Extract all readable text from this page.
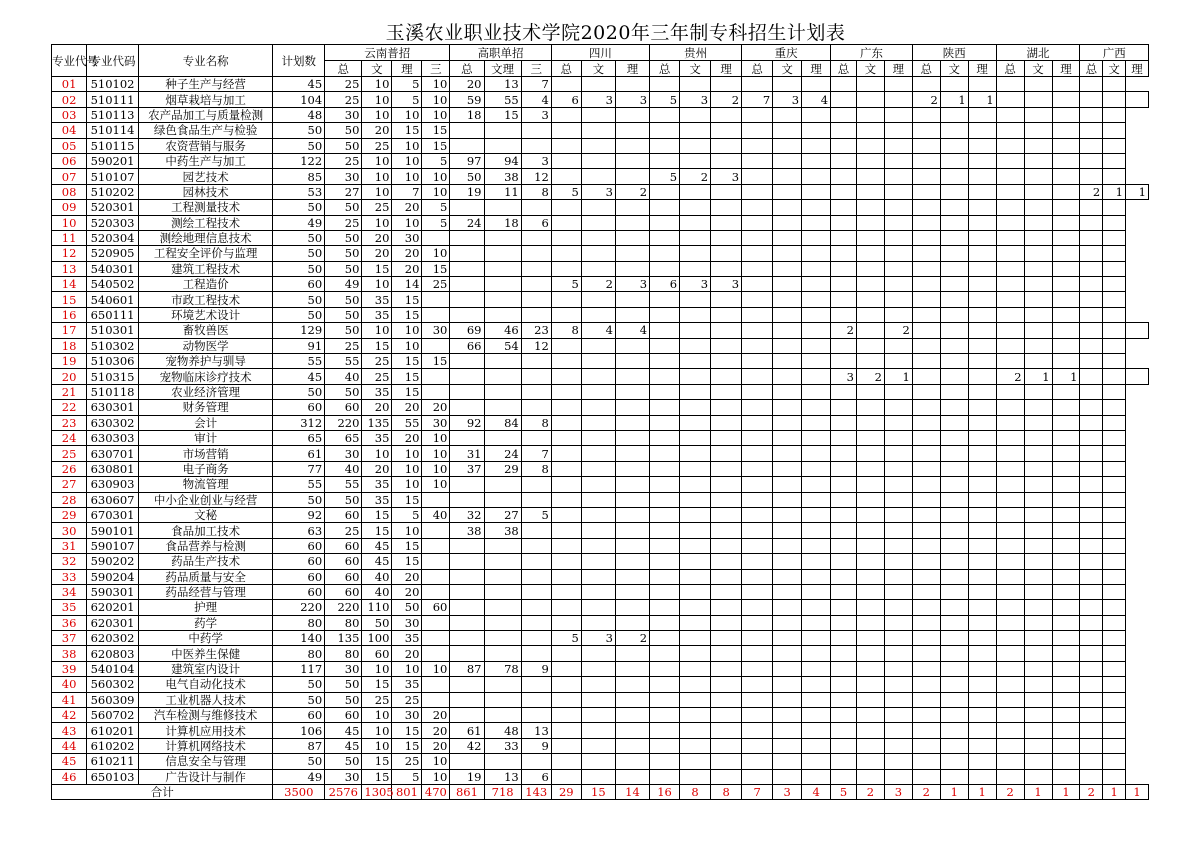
玉溪农业职业技术学院2020年三年制专科招生计划表
专业代号	专业代码	专业名称	计划数	云南普招				高职单招			四川			贵州			重庆			广东			陕西			湖北			广西		
				总	文	理	三	总	文理	三	总	文	理	总	文	理	总	文	理	总	文	理	总	文	理	总	文	理	总	文	理
01	510102	种子生产与经营	45	25	10	5	10	20	13	7																					
02	510111	烟草栽培与加工	104	25	10	5	10	59	55	4	6	3	3	5	3	2	7	3	4				2	1	1						
03	510113	农产品加工与质量检测	48	30	10	10	10	18	15	3																					
04	510114	绿色食品生产与检验	50	50	20	15	15																								
05	510115	农资营销与服务	50	50	25	10	15																								
06	590201	中药生产与加工	122	25	10	10	5	97	94	3																					
07	510107	园艺技术	85	30	10	10	10	50	38	12				5	2	3															
08	510202	园林技术	53	27	10	7	10	19	11	8	5	3	2																2	1	1
09	520301	工程测量技术	50	50	25	20	5																								
10	520303	测绘工程技术	49	25	10	10	5	24	18	6																					
11	520304	测绘地理信息技术	50	50	20	30																									
12	520905	工程安全评价与监理	50	50	20	20	10																								
13	540301	建筑工程技术	50	50	15	20	15																								
14	540502	工程造价	60	49	10	14	25				5	2	3	6	3	3															
15	540601	市政工程技术	50	50	35	15																									
16	650111	环境艺术设计	50	50	35	15																									
17	510301	畜牧兽医	129	50	10	10	30	69	46	23	8	4	4							2		2									
18	510302	动物医学	91	25	15	10		66	54	12																					
19	510306	宠物养护与驯导	55	55	25	15	15																								
20	510315	宠物临床诊疗技术	45	40	25	15														3	2	1				2	1	1			
21	510118	农业经济管理	50	50	35	15																									
22	630301	财务管理	60	60	20	20	20																								
23	630302	会计	312	220	135	55	30	92	84	8																					
24	630303	审计	65	65	35	20	10																								
25	630701	市场营销	61	30	10	10	10	31	24	7																					
26	630801	电子商务	77	40	20	10	10	37	29	8																					
27	630903	物流管理	55	55	35	10	10																								
28	630607	中小企业创业与经营	50	50	35	15																									
29	670301	文秘	92	60	15	5	40	32	27	5																					
30	590101	食品加工技术	63	25	15	10		38	38																						
31	590107	食品营养与检测	60	60	45	15																									
32	590202	药品生产技术	60	60	45	15																									
33	590204	药品质量与安全	60	60	40	20																									
34	590301	药品经营与管理	60	60	40	20																									
35	620201	护理	220	220	110	50	60																								
36	620301	药学	80	80	50	30																									
37	620302	中药学	140	135	100	35					5	3	2																		
38	620803	中医养生保健	80	80	60	20																									
39	540104	建筑室内设计	117	30	10	10	10	87	78	9																					
40	560302	电气自动化技术	50	50	15	35																									
41	560309	工业机器人技术	50	50	25	25																									
42	560702	汽车检测与维修技术	60	60	10	30	20																								
43	610201	计算机应用技术	106	45	10	15	20	61	48	13																					
44	610202	计算机网络技术	87	45	10	15	20	42	33	9																					
45	610211	信息安全与管理	50	50	15	25	10																								
46	650103	广告设计与制作	49	30	15	5	10	19	13	6																					
合计			3500	2576	1305	801	470	861	718	143	29	15	14	16	8	8	7	3	4	5	2	3	2	1	1	2	1	1	2	1	1
